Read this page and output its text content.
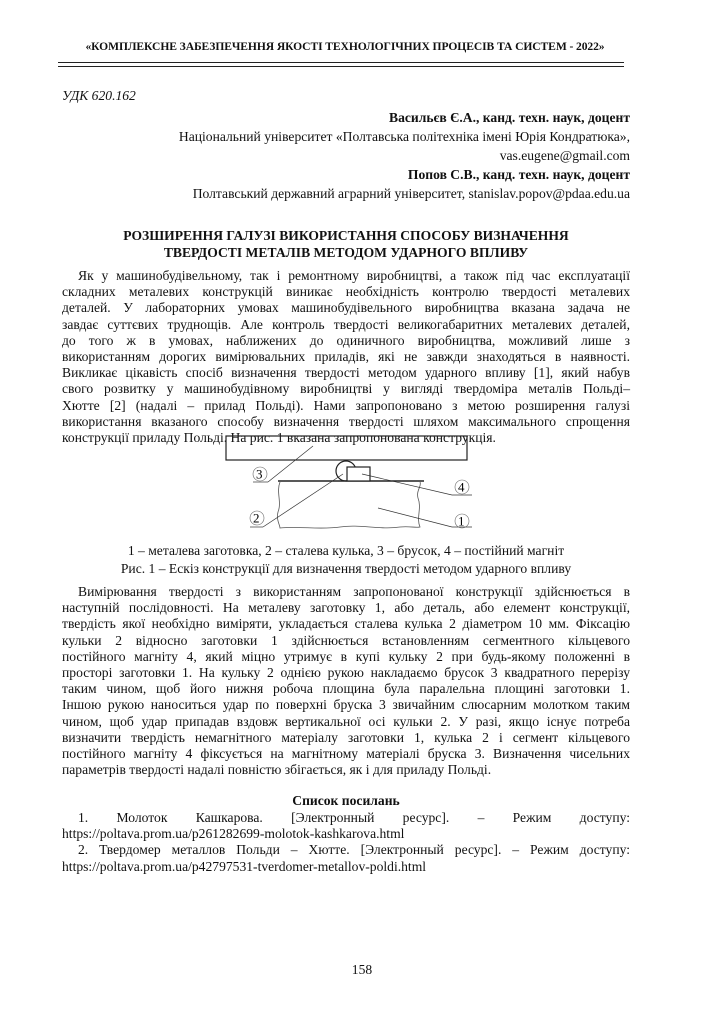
«КОМПЛЕКСНЕ ЗАБЕЗПЕЧЕННЯ ЯКОСТІ ТЕХНОЛОГІЧНИХ ПРОЦЕСІВ ТА СИСТЕМ - 2022»
УДК 620.162
Васильєв Є.А., канд. техн. наук, доцент
Національний університет «Полтавська політехніка імені Юрія Кондратюка»,
vas.eugene@gmail.com
Попов С.В., канд. техн. наук, доцент
Полтавський державний аграрний університет, stanislav.popov@pdaa.edu.ua
РОЗШИРЕННЯ ГАЛУЗІ ВИКОРИСТАННЯ СПОСОБУ ВИЗНАЧЕННЯ
ТВЕРДОСТІ МЕТАЛІВ МЕТОДОМ УДАРНОГО ВПЛИВУ
Як у машинобудівельному, так і ремонтному виробництві, а також під час експлуатації
складних металевих конструкцій виникає необхідність контролю твердості металевих
деталей. У лабораторних умовах машинобудівельного виробництва вказана задача не
завдає суттєвих труднощів. Але контроль твердості великогабаритних металевих деталей,
до того ж в умовах, наближених до одиничного виробництва, можливий лише з
використанням дорогих вимірювальних приладів, які не завжди знаходяться в наявності.
Викликає цікавість спосіб визначення твердості методом ударного впливу [1], який набув
свого розвитку у машинобудівному виробництві у вигляді твердоміра металів Польді–
Хютте [2] (надалі – прилад Польді). Нами запропоновано з метою розширення галузі
використання вказаного способу визначення твердості шляхом максимального спрощення
конструкції приладу Польді. На рис. 1 вказана запропонована конструкція.
3
2
4
1
1 – металева заготовка, 2 – сталева кулька, 3 – брусок, 4 – постійний магніт
Рис. 1 – Ескіз конструкції для визначення твердості методом ударного впливу
Вимірювання твердості з використанням запропонованої конструкції здійснюється в
наступній послідовності. На металеву заготовку 1, або деталь, або елемент конструкції,
твердість якої необхідно виміряти, укладається сталева кулька 2 діаметром 10 мм. Фіксацію
кульки 2 відносно заготовки 1 здійснюється встановленням сегментного кільцевого
постійного магніту 4, який міцно утримує в купі кульку 2 при будь-якому положенні в
просторі заготовки 1. На кульку 2 однією рукою накладаємо брусок 3 квадратного перерізу
таким чином, щоб його нижня робоча площина була паралельна площині заготовки 1.
Іншою рукою наноситься удар по поверхні бруска 3 звичайним слюсарним молотком таким
чином, щоб удар припадав вздовж вертикальної осі кульки 2. У разі, якщо існує потреба
визначити твердість немагнітного матеріалу заготовки 1, кулька 2 і сегмент кільцевого
постійного магніту 4 фіксується на магнітному матеріалі бруска 3. Визначення чисельних
параметрів твердості надалі повністю збігається, як і для приладу Польді.
Список посилань
1.      Молоток      Кашкарова.      [Электронный      ресурс].      –      Режим      доступу:
https://poltava.prom.ua/p261282699-molotok-kashkarova.html
2. Твердомер металлов Польди – Хютте. [Электронный ресурс]. – Режим доступу:
https://poltava.prom.ua/p42797531-tverdomer-metallov-poldi.html
158
